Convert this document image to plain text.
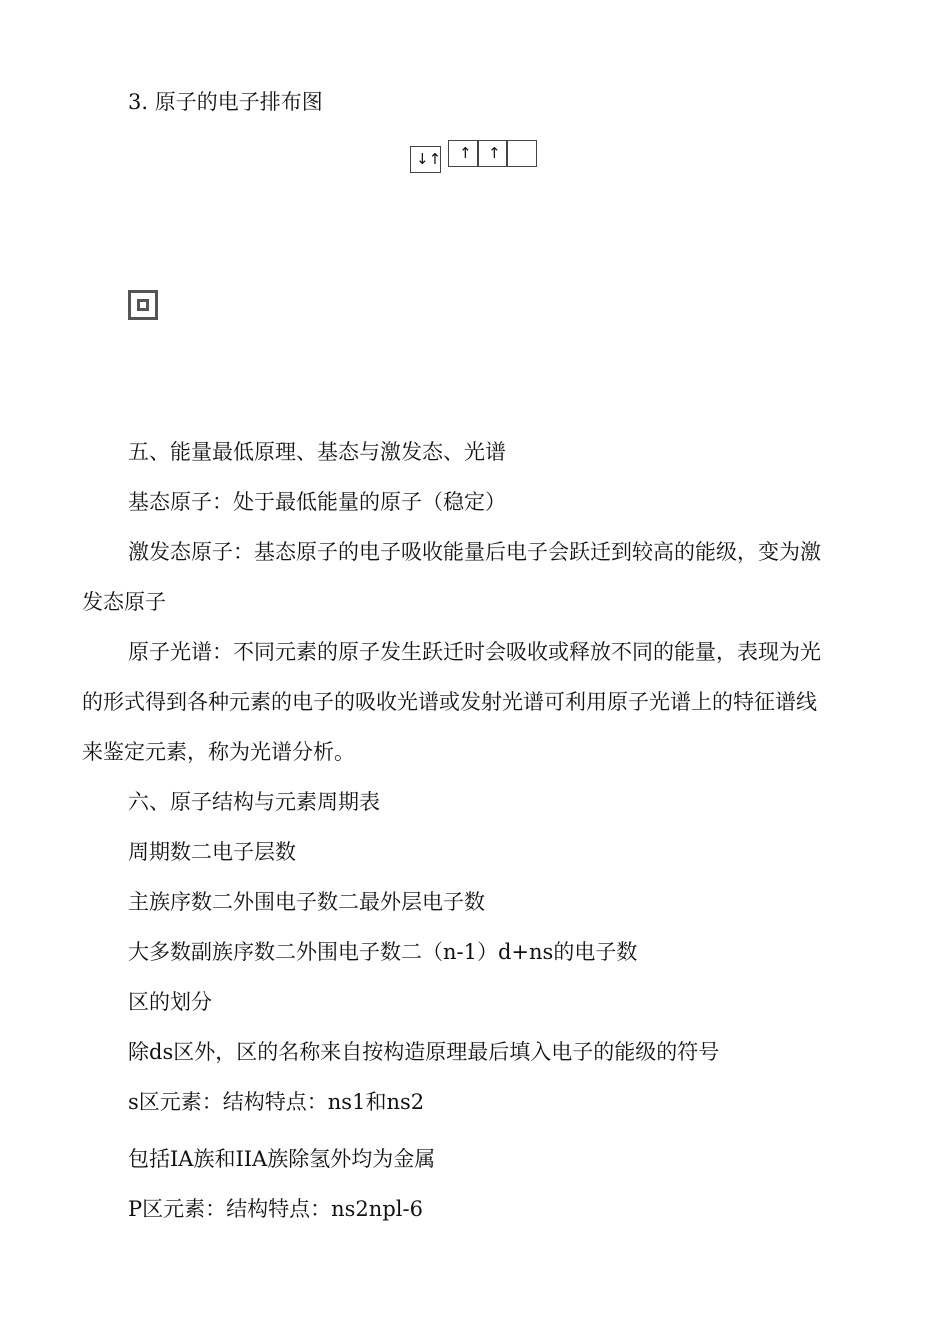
3. 原子的电子排布图
↓↑ ↑ ↑
五、能量最低原理、基态与激发态、光谱
基态原子：处于最低能量的原子（稳定）
激发态原子：基态原子的电子吸收能量后电子会跃迁到较高的能级，变为激
发态原子
原子光谱：不同元素的原子发生跃迁时会吸收或释放不同的能量，表现为光
的形式得到各种元素的电子的吸收光谱或发射光谱可利用原子光谱上的特征谱线
来鉴定元素，称为光谱分析。
六、原子结构与元素周期表
周期数二电子层数
主族序数二外围电子数二最外层电子数
大多数副族序数二外围电子数二（n-1）d+ns的电子数
区的划分
除ds区外，区的名称来自按构造原理最后填入电子的能级的符号
s区元素：结构特点：ns1和ns2
包括IA族和IIA族除氢外均为金属
P区元素：结构特点：ns2npl-6
